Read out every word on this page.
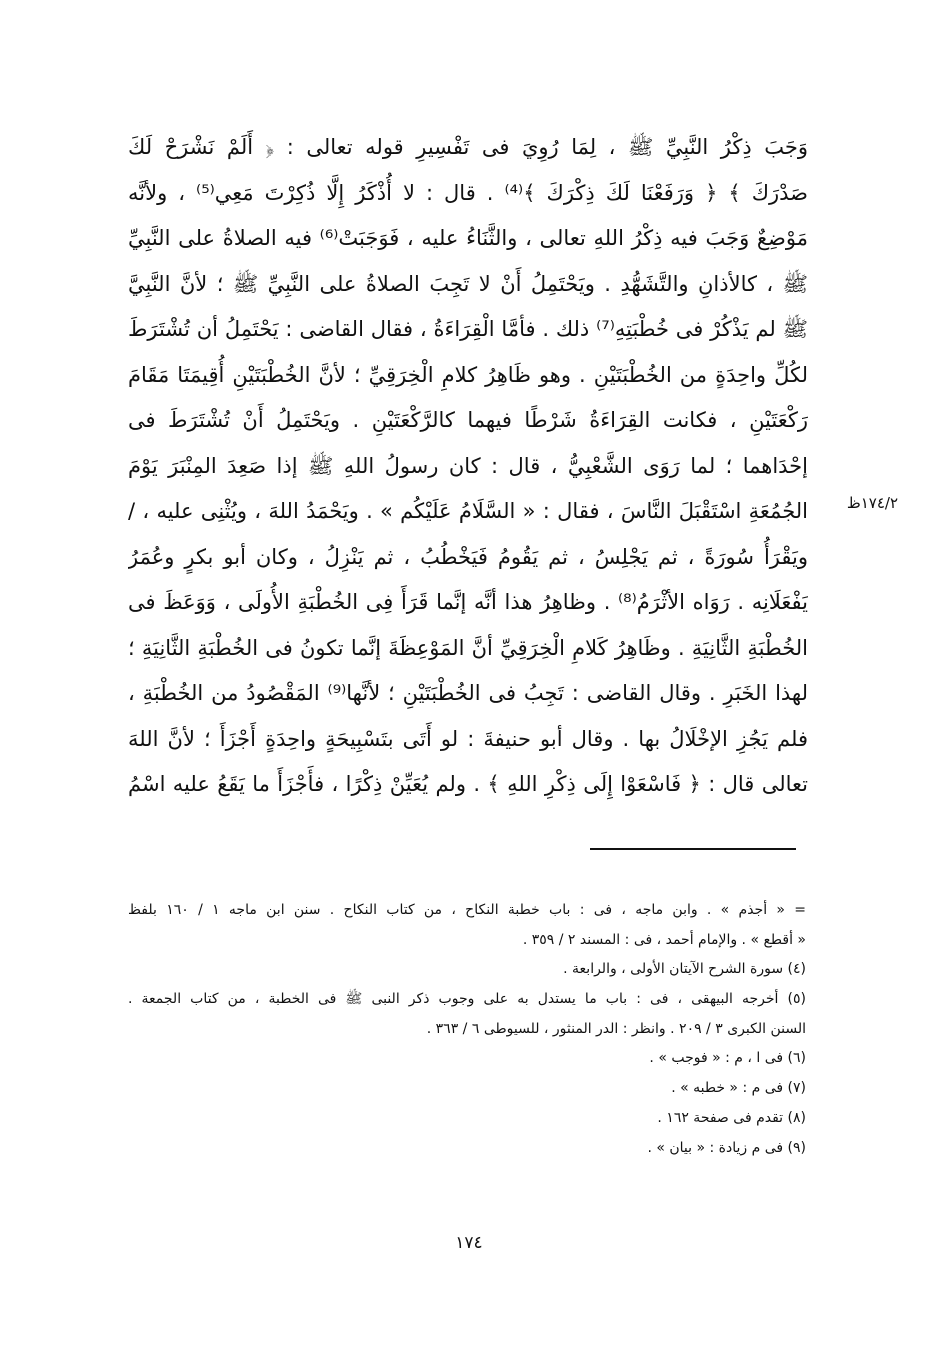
وَجَبَ ذِكْرُ النَّبِيِّ ﷺ ، لِمَا رُوِيَ فى تَفْسِيرِ قوله تعالى : ﴿ أَلَمْ نَشْرَحْ لَكَ
صَدْرَكَ ﴾ ﴿ وَرَفَعْنَا لَكَ ذِكْرَكَ ﴾⁽⁴⁾ . قال : لا أُذْكَرُ إِلَّا ذُكِرْتَ مَعِي⁽⁵⁾ ، ولأنَّه
مَوْضِعٌ وَجَبَ فيه ذِكْرُ اللهِ تعالى ، والثَّنَاءُ عليه ، فَوَجَبَتْ⁽⁶⁾ فيه الصلاةُ على النَّبِيِّ
ﷺ ، كالأذانِ والتَّشَهُّدِ . ويَحْتَمِلُ أَنْ لا تَجِبَ الصلاةُ على النَّبِيِّ ﷺ ؛ لأنَّ النَّبِيَّ
ﷺ لم يَذْكُرْ فى خُطْبَتِهِ⁽⁷⁾ ذلك . فأمَّا الْقِرَاءَةُ ، فقال القاضى : يَحْتَمِلُ أن تُشْتَرَطَ
لكُلِّ واحِدَةٍ من الخُطْبَتَيْنِ . وهو ظَاهِرُ كلامِ الْخِرَقِيِّ ؛ لأنَّ الخُطْبَتَيْنِ أُقِيمَتَا مَقَامَ
رَكْعَتَيْنِ ، فكانت القِرَاءَةُ شَرْطًا فيهما كالرَّكْعَتَيْنِ . ويَحْتَمِلُ أَنْ تُشْتَرَطَ فى
إحْدَاهما ؛ لما رَوَى الشَّعْبِيُّ ، قال : كان رسولُ اللهِ ﷺ إذا صَعِدَ المِنْبَرَ يَوْمَ
الجُمُعَةِ اسْتَقْبَلَ النَّاسَ ، فقال : « السَّلَامُ عَلَيْكُم » . ويَحْمَدُ اللهَ ، ويُثْنِى عليه ، /
ويَقْرَأُ سُورَةً ، ثم يَجْلِسُ ، ثم يَقُومُ فَيَخْطُبُ ، ثم يَنْزِلُ ، وكان أبو بكرٍ وعُمَرُ
يَفْعَلَانِه . رَوَاه الأثْرَمُ⁽⁸⁾ . وظاهِرُ هذا أنَّه إنَّما قَرَأَ فِى الخُطْبَةِ الأُولَى ، وَوَعَظَ فى
الخُطْبَةِ الثَّانِيَةِ . وظَاهِرُ كَلامِ الْخِرَقِيِّ أنَّ المَوْعِظَةَ إنَّما تكونُ فى الخُطْبَةِ الثَّانِيَةِ ؛
لهذا الخَبَرِ . وقال القاضى : تَجِبُ فى الخُطْبَتَيْنِ ؛ لأنَّها⁽⁹⁾ المَقْصُودُ من الخُطْبَةِ ،
فلم يَجُزِ الإخْلَالُ بها . وقال أبو حنيفةَ : لو أَتَى بتَسْبِيحَةٍ واحِدَةٍ أَجْزَأَ ؛ لأنَّ اللهَ
تعالى قال : ﴿ فَاسْعَوْا إِلَى ذِكْرِ اللهِ ﴾ . ولم يُعَيِّنْ ذِكْرًا ، فأَجْزَأَ ما يَقَعُ عليه اسْمُ
١٧٤/٢ظ
= « أجذم » . وابن ماجه ، فى : باب خطبة النكاح ، من كتاب النكاح . سنن ابن ماجه ١ / ١٦٠ بلفظ
« أقطع » . والإمام أحمد ، فى : المسند ٢ / ٣٥٩ .
(٤) سورة الشرح الآيتان الأولى ، والرابعة .
(٥) أخرجه البيهقى ، فى : باب ما يستدل به على وجوب ذكر النبى ﷺ فى الخطبة ، من كتاب الجمعة .
السنن الكبرى ٣ / ٢٠٩ . وانظر : الدر المنثور ، للسيوطى ٦ / ٣٦٣ .
(٦) فى ا ، م : « فوجب » .
(٧) فى م : « خطبه » .
(٨) تقدم فى صفحة ١٦٢ .
(٩) فى م زيادة : « بيان » .
١٧٤
